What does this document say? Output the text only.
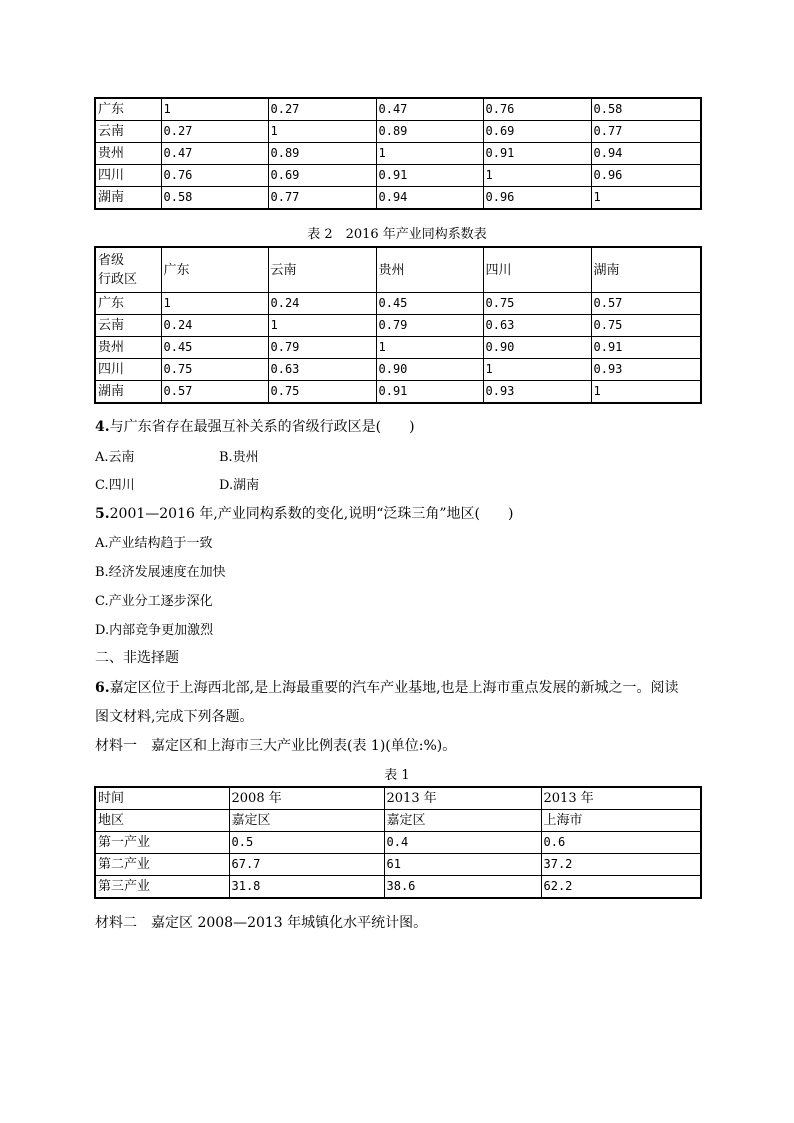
广东	1	0.27	0.47	0.76	0.58
云南	0.27	1	0.89	0.69	0.77
贵州	0.47	0.89	1	0.91	0.94
四川	0.76	0.69	0.91	1	0.96
湖南	0.58	0.77	0.94	0.96	1
表 2　2016 年产业同构系数表
省级
行政区	广东	云南	贵州	四川	湖南
广东	1	0.24	0.45	0.75	0.57
云南	0.24	1	0.79	0.63	0.75
贵州	0.45	0.79	1	0.90	0.91
四川	0.75	0.63	0.90	1	0.93
湖南	0.57	0.75	0.91	0.93	1
4.与广东省存在最强互补关系的省级行政区是(　　)
A.云南	B.贵州
C.四川	D.湖南
5.2001—2016 年,产业同构系数的变化,说明“泛珠三角”地区(　　)
A.产业结构趋于一致
B.经济发展速度在加快
C.产业分工逐步深化
D.内部竞争更加激烈
二、非选择题
6.嘉定区位于上海西北部,是上海最重要的汽车产业基地,也是上海市重点发展的新城之一。阅读
图文材料,完成下列各题。
材料一　嘉定区和上海市三大产业比例表(表 1)(单位:%)。
表 1
时间	2008 年	2013 年	2013 年
地区	嘉定区	嘉定区	上海市
第一产业	0.5	0.4	0.6
第二产业	67.7	61	37.2
第三产业	31.8	38.6	62.2
材料二　嘉定区 2008—2013 年城镇化水平统计图。
